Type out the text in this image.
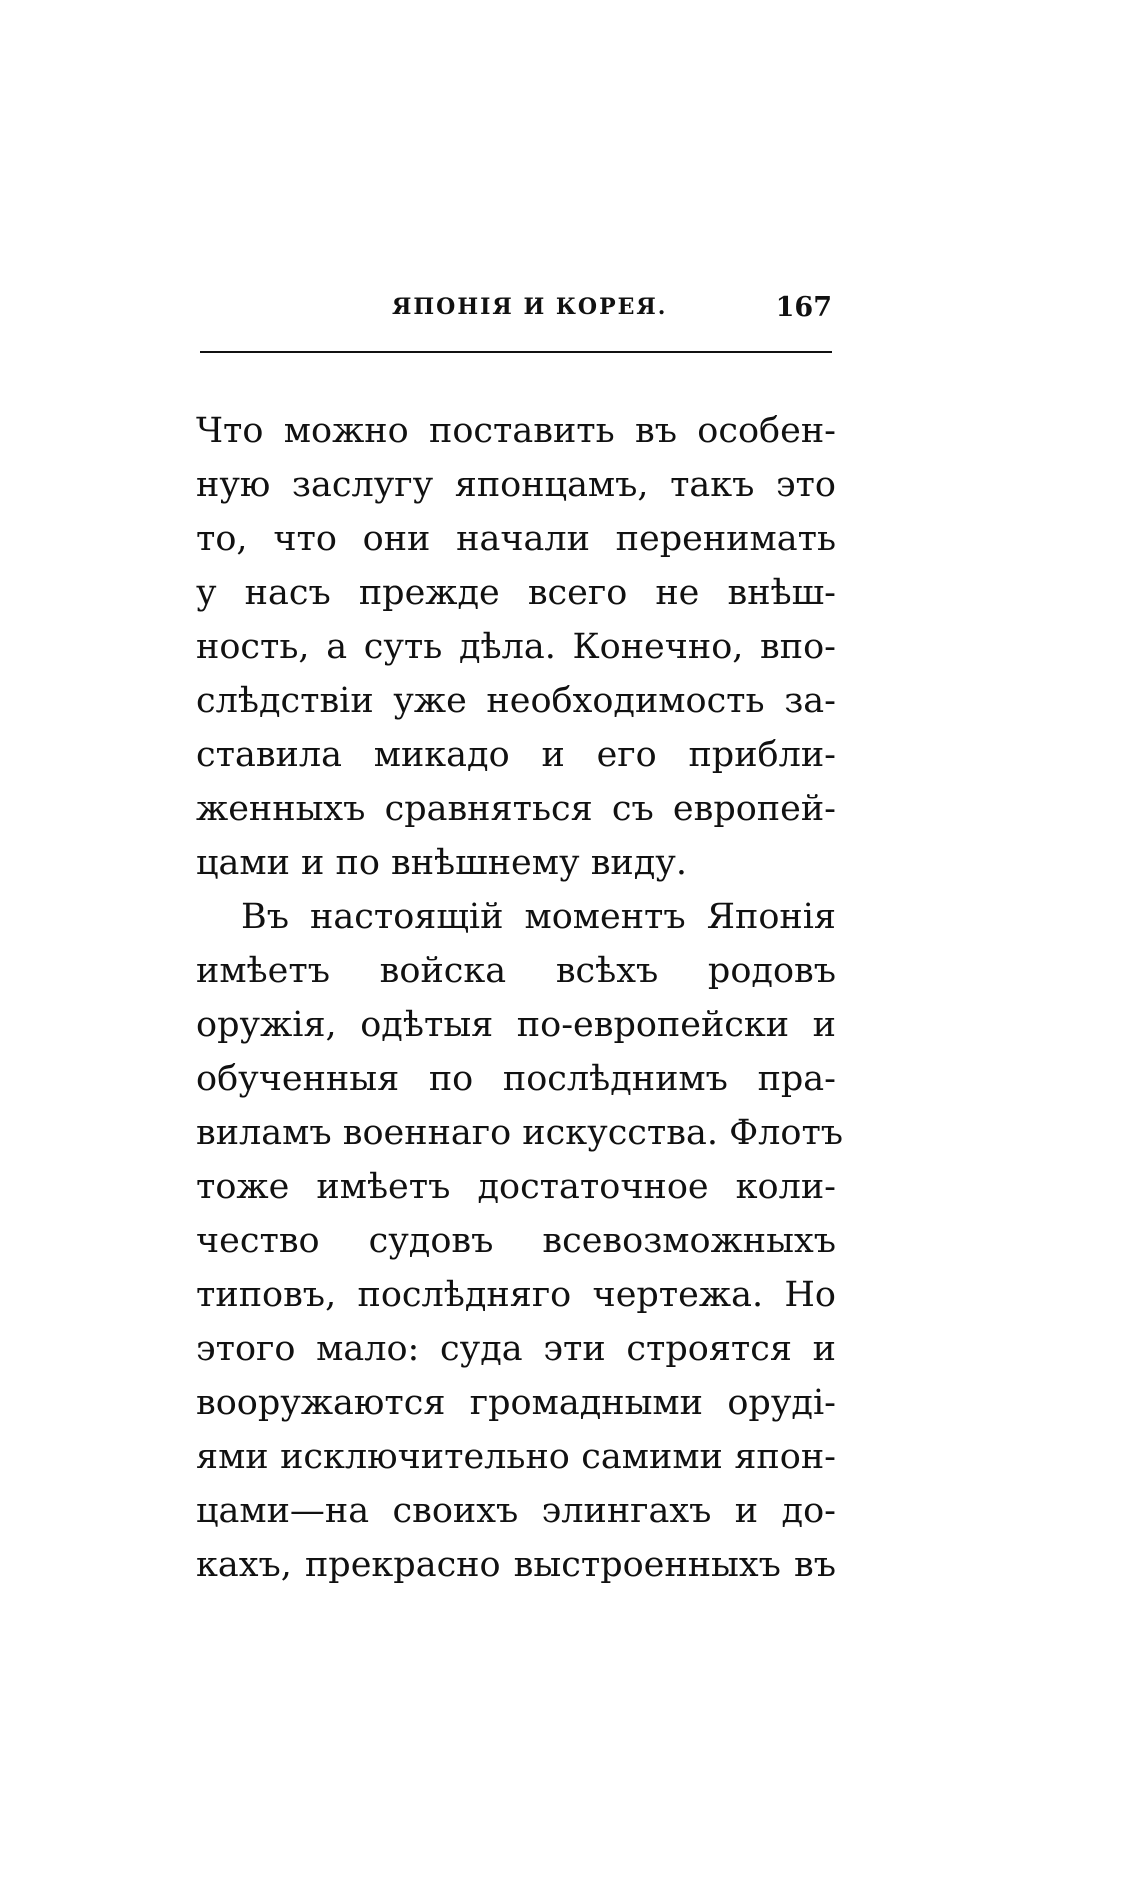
ЯПОНІЯ И КОРЕЯ.	167
Что можно поставить въ особен-
ную заслугу японцамъ, такъ это
то, что они начали перенимать
у насъ прежде всего не внѣш-
ность, а суть дѣла. Конечно, впо-
слѣдствіи уже необходимость за-
ставила микадо и его прибли-
женныхъ сравняться съ европей-
цами и по внѣшнему виду.
Въ настоящій моментъ Японія
имѣетъ войска всѣхъ родовъ
оружія, одѣтыя по-европейски и
обученныя по послѣднимъ пра-
виламъ военнаго искусства. Флотъ
тоже имѣетъ достаточное коли-
чество судовъ всевозможныхъ
типовъ, послѣдняго чертежа. Но
этого мало: суда эти строятся и
вооружаются громадными орудi-
ями исключительно самими япон-
цами—на своихъ элингахъ и до-
кахъ, прекрасно выстроенныхъ въ
